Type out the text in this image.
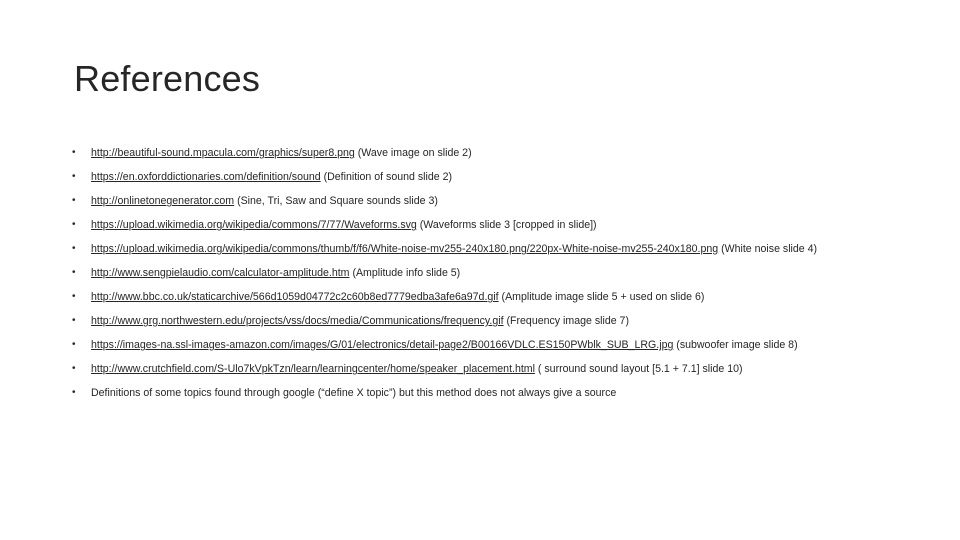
References
• http://beautiful-sound.mpacula.com/graphics/super8.png (Wave image on slide 2)
• https://en.oxforddictionaries.com/definition/sound (Definition of sound slide 2)
• http://onlinetonegenerator.com (Sine, Tri, Saw and Square sounds slide 3)
• https://upload.wikimedia.org/wikipedia/commons/7/77/Waveforms.svg (Waveforms slide 3 [cropped in slide])
• https://upload.wikimedia.org/wikipedia/commons/thumb/f/f6/White-noise-mv255-240x180.png/220px-White-noise-mv255-240x180.png (White noise slide 4)
• http://www.sengpielaudio.com/calculator-amplitude.htm (Amplitude info slide 5)
• http://www.bbc.co.uk/staticarchive/566d1059d04772c2c60b8ed7779edba3afe6a97d.gif (Amplitude image slide 5 + used on slide 6)
• http://www.grg.northwestern.edu/projects/vss/docs/media/Communications/frequency.gif (Frequency image slide 7)
• https://images-na.ssl-images-amazon.com/images/G/01/electronics/detail-page2/B00166VDLC.ES150PWblk_SUB_LRG.jpg (subwoofer image slide 8)
• http://www.crutchfield.com/S-Ulo7kVpkTzn/learn/learningcenter/home/speaker_placement.html ( surround sound layout [5.1 + 7.1] slide 10)
• Definitions of some topics found through google (“define X topic”) but this method does not always give a source
